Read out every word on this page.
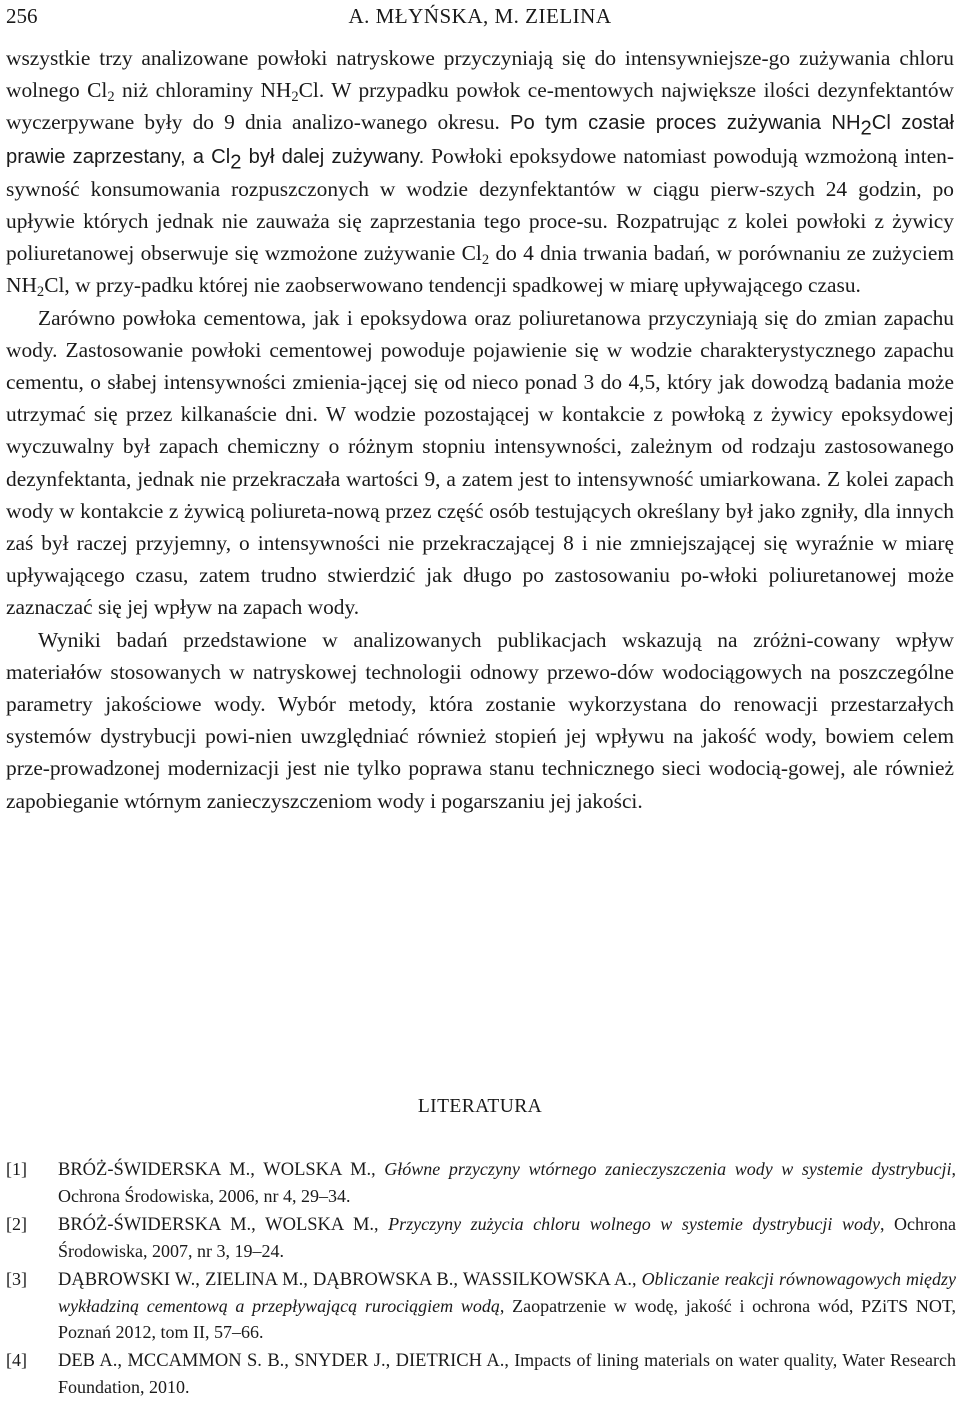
256	A. MŁYŃSKA, M. ZIELINA

wszystkie trzy analizowane powłoki natryskowe przyczyniają się do intensywniejsze-go zużywania chloru wolnego $Cl_2$ niż chloraminy $NH_2Cl$. W przypadku powłok ce-mentowych największe ilości dezynfektantów wyczerpywane były do 9 dnia analizo-wanego okresu. Po tym czasie proces zużywania $NH_2Cl$ został prawie zaprzestany, a $Cl_2$ był dalej zużywany. Powłoki epoksydowe natomiast powodują wzmożoną inten-sywność konsumowania rozpuszczonych w wodzie dezynfektantów w ciągu pierw-szych 24 godzin, po upływie których jednak nie zauważa się zaprzestania tego proce-su. Rozpatrując z kolei powłoki z żywicy poliuretanowej obserwuje się wzmożone zużywanie $Cl_2$ do 4 dnia trwania badań, w porównaniu ze zużyciem $NH_2Cl$, w przy-padku której nie zaobserwowano tendencji spadkowej w miarę upływającego czasu.

Zarówno powłoka cementowa, jak i epoksydowa oraz poliuretanowa przyczyniają się do zmian zapachu wody. Zastosowanie powłoki cementowej powoduje pojawienie się w wodzie charakterystycznego zapachu cementu, o słabej intensywności zmienia-jącej się od nieco ponad 3 do 4,5, który jak dowodzą badania może utrzymać się przez kilkanaście dni. W wodzie pozostającej w kontakcie z powłoką z żywicy epoksydowej wyczuwalny był zapach chemiczny o różnym stopniu intensywności, zależnym od rodzaju zastosowanego dezynfektanta, jednak nie przekraczała wartości 9, a zatem jest to intensywność umiarkowana. Z kolei zapach wody w kontakcie z żywicą poliureta-nową przez część osób testujących określany był jako zgniły, dla innych zaś był raczej przyjemny, o intensywności nie przekraczającej 8 i nie zmniejszającej się wyraźnie w miarę upływającego czasu, zatem trudno stwierdzić jak długo po zastosowaniu po-włoki poliuretanowej może zaznaczać się jej wpływ na zapach wody.

Wyniki badań przedstawione w analizowanych publikacjach wskazują na zróżni-cowany wpływ materiałów stosowanych w natryskowej technologii odnowy przewo-dów wodociągowych na poszczególne parametry jakościowe wody. Wybór metody, która zostanie wykorzystana do renowacji przestarzałych systemów dystrybucji powi-nien uwzględniać również stopień jej wpływu na jakość wody, bowiem celem prze-prowadzonej modernizacji jest nie tylko poprawa stanu technicznego sieci wodocią-gowej, ale również zapobieganie wtórnym zanieczyszczeniom wody i pogarszaniu jej jakości.

LITERATURA
[1] BRÓŻ-ŚWIDERSKA M., WOLSKA M., Główne przyczyny wtórnego zanieczyszczenia wody w systemie dystrybucji, Ochrona Środowiska, 2006, nr 4, 29–34.
[2] BRÓŻ-ŚWIDERSKA M., WOLSKA M., Przyczyny zużycia chloru wolnego w systemie dystrybucji wody, Ochrona Środowiska, 2007, nr 3, 19–24.
[3] DĄBROWSKI W., ZIELINA M., DĄBROWSKA B., WASSILKOWSKA A., Obliczanie reakcji równowagowych między wykładziną cementową a przepływającą rurociągiem wodą, Zaopatrzenie w wodę, jakość i ochrona wód, PZiTS NOT, Poznań 2012, tom II, 57–66.
[4] DEB A., MCCAMMON S. B., SNYDER J., DIETRICH A., Impacts of lining materials on water quality, Water Research Foundation, 2010.
